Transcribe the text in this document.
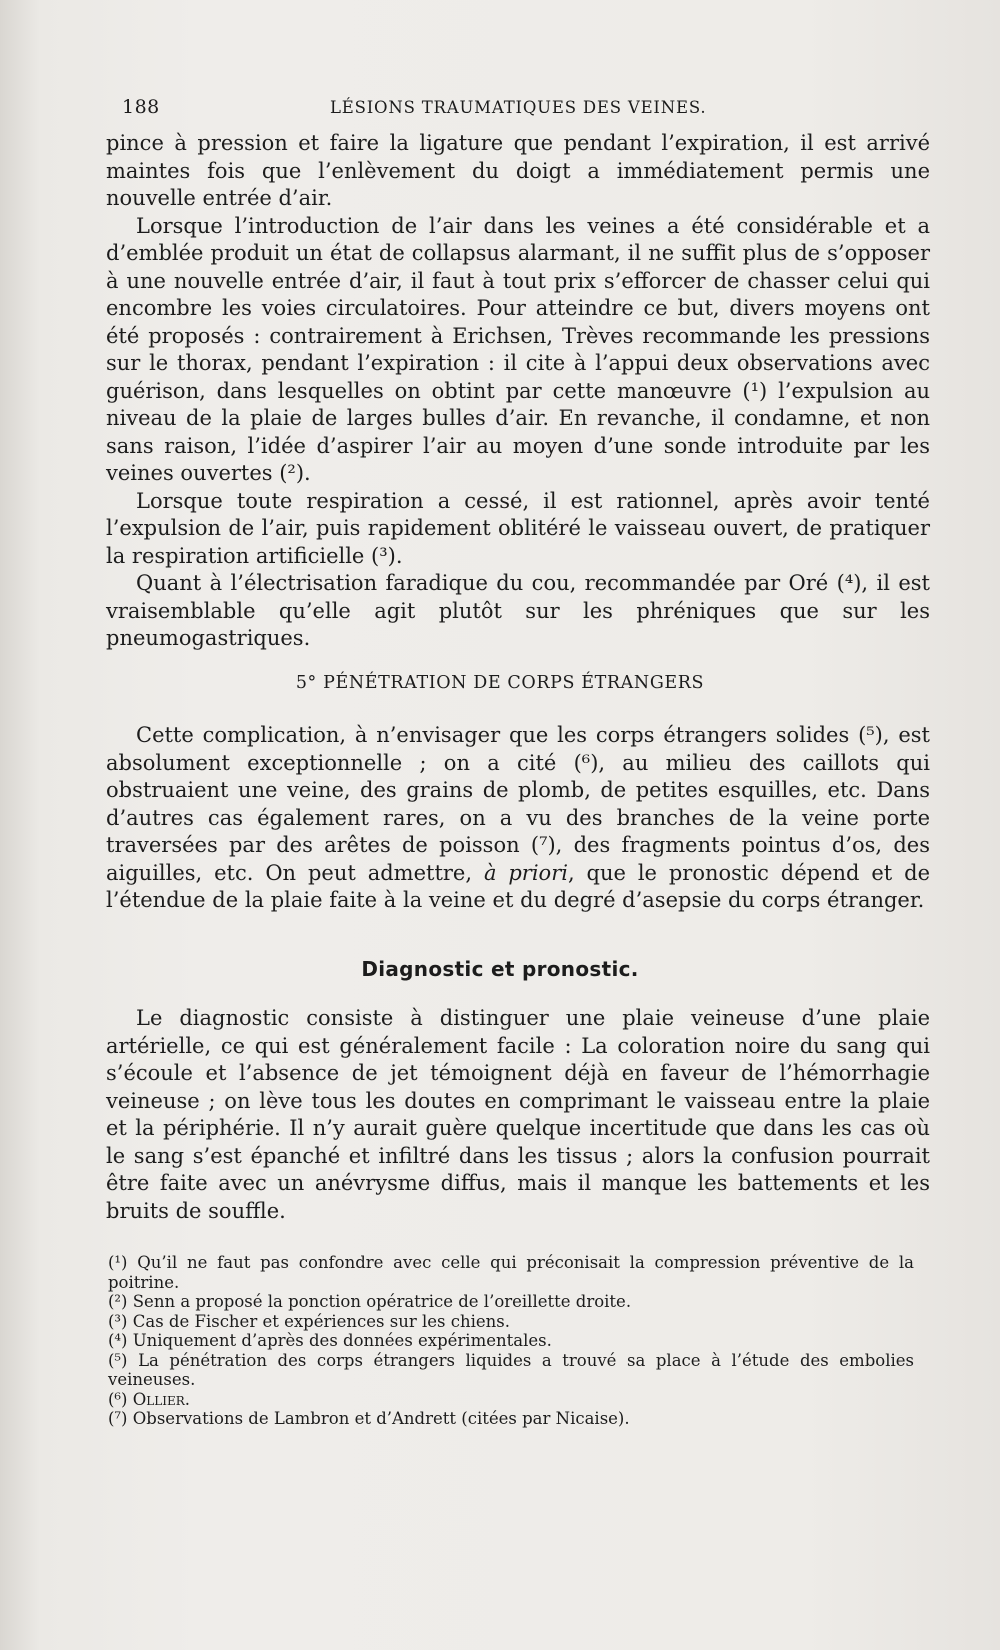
188	LÉSIONS TRAUMATIQUES DES VEINES.

pince à pression et faire la ligature que pendant l’expiration, il est arrivé maintes fois que l’enlèvement du doigt a immédiatement permis une nouvelle entrée d’air.

Lorsque l’introduction de l’air dans les veines a été considérable et a d’emblée produit un état de collapsus alarmant, il ne suffit plus de s’opposer à une nouvelle entrée d’air, il faut à tout prix s’efforcer de chasser celui qui encombre les voies circulatoires. Pour atteindre ce but, divers moyens ont été proposés : contrairement à Erichsen, Trèves recommande les pressions sur le thorax, pendant l’expiration : il cite à l’appui deux observations avec guérison, dans lesquelles on obtint par cette manœuvre (¹) l’expulsion au niveau de la plaie de larges bulles d’air. En revanche, il condamne, et non sans raison, l’idée d’aspirer l’air au moyen d’une sonde introduite par les veines ouvertes (²).

Lorsque toute respiration a cessé, il est rationnel, après avoir tenté l’expulsion de l’air, puis rapidement oblitéré le vaisseau ouvert, de pratiquer la respiration artificielle (³).

Quant à l’électrisation faradique du cou, recommandée par Oré (⁴), il est vraisemblable qu’elle agit plutôt sur les phréniques que sur les pneumogastriques.

5° PÉNÉTRATION DE CORPS ÉTRANGERS

Cette complication, à n’envisager que les corps étrangers solides (⁵), est absolument exceptionnelle ; on a cité (⁶), au milieu des caillots qui obstruaient une veine, des grains de plomb, de petites esquilles, etc. Dans d’autres cas également rares, on a vu des branches de la veine porte traversées par des arêtes de poisson (⁷), des fragments pointus d’os, des aiguilles, etc. On peut admettre, à priori, que le pronostic dépend et de l’étendue de la plaie faite à la veine et du degré d’asepsie du corps étranger.

Diagnostic et pronostic.

Le diagnostic consiste à distinguer une plaie veineuse d’une plaie artérielle, ce qui est généralement facile : La coloration noire du sang qui s’écoule et l’absence de jet témoignent déjà en faveur de l’hémorrhagie veineuse ; on lève tous les doutes en comprimant le vaisseau entre la plaie et la périphérie. Il n’y aurait guère quelque incertitude que dans les cas où le sang s’est épanché et infiltré dans les tissus ; alors la confusion pourrait être faite avec un anévrysme diffus, mais il manque les battements et les bruits de souffle.

(¹) Qu’il ne faut pas confondre avec celle qui préconisait la compression préventive de la poitrine.

(²) Senn a proposé la ponction opératrice de l’oreillette droite.

(³) Cas de Fischer et expériences sur les chiens.

(⁴) Uniquement d’après des données expérimentales.

(⁵) La pénétration des corps étrangers liquides a trouvé sa place à l’étude des embolies veineuses.

(⁶) Ollier.

(⁷) Observations de Lambron et d’Andrett (citées par Nicaise).
